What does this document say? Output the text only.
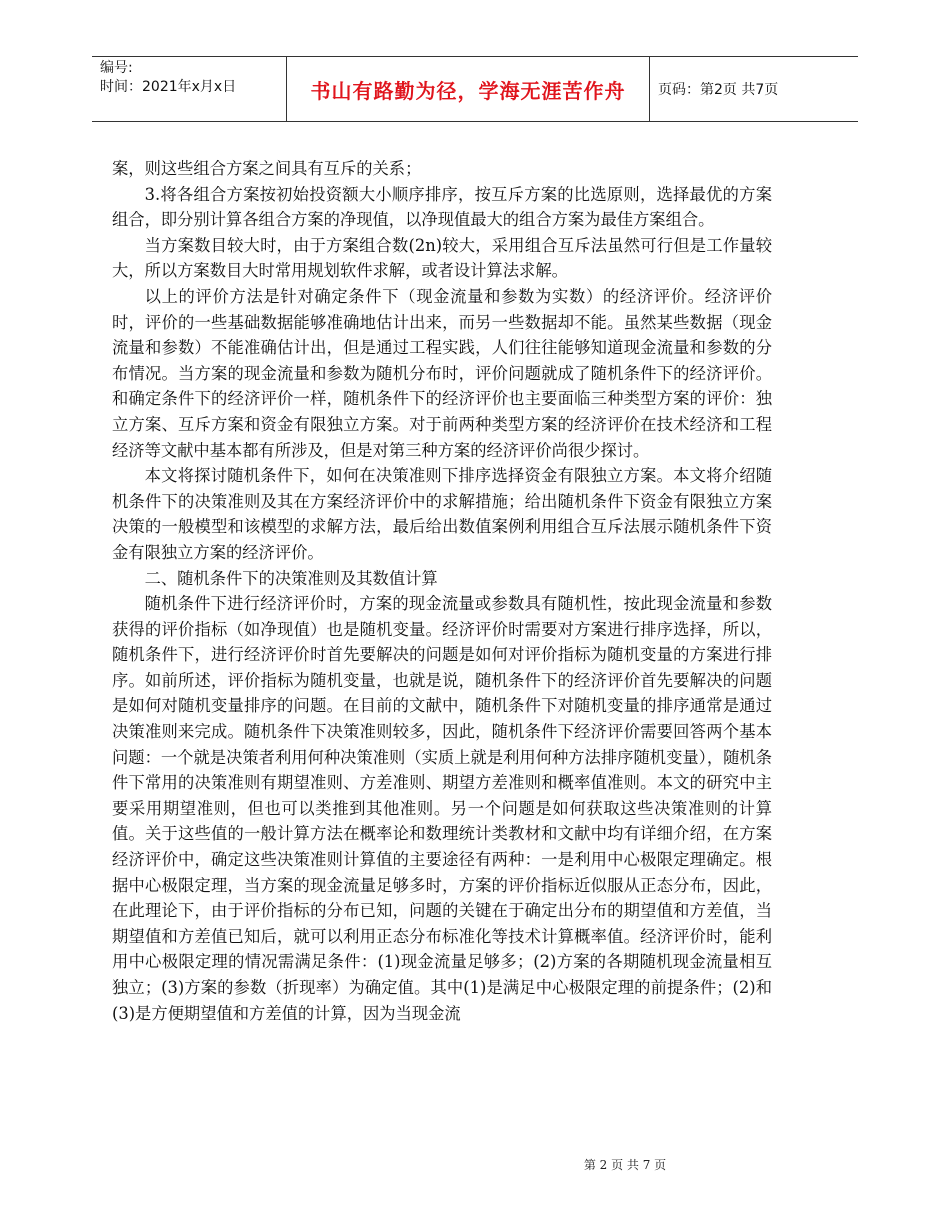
编号:
时间：2021年x月x日	书山有路勤为径，学海无涯苦作舟	页码：第2页 共7页

案，则这些组合方案之间具有互斥的关系；

3.将各组合方案按初始投资额大小顺序排序，按互斥方案的比选原则，选择最优的方案组合，即分别计算各组合方案的净现值，以净现值最大的组合方案为最佳方案组合。

当方案数目较大时，由于方案组合数(2n)较大，采用组合互斥法虽然可行但是工作量较大，所以方案数目大时常用规划软件求解，或者设计算法求解。

以上的评价方法是针对确定条件下（现金流量和参数为实数）的经济评价。经济评价时，评价的一些基础数据能够准确地估计出来，而另一些数据却不能。虽然某些数据（现金流量和参数）不能准确估计出，但是通过工程实践，人们往往能够知道现金流量和参数的分布情况。当方案的现金流量和参数为随机分布时，评价问题就成了随机条件下的经济评价。和确定条件下的经济评价一样，随机条件下的经济评价也主要面临三种类型方案的评价：独立方案、互斥方案和资金有限独立方案。对于前两种类型方案的经济评价在技术经济和工程经济等文献中基本都有所涉及，但是对第三种方案的经济评价尚很少探讨。

本文将探讨随机条件下，如何在决策准则下排序选择资金有限独立方案。本文将介绍随机条件下的决策准则及其在方案经济评价中的求解措施；给出随机条件下资金有限独立方案决策的一般模型和该模型的求解方法，最后给出数值案例利用组合互斥法展示随机条件下资金有限独立方案的经济评价。

二、随机条件下的决策准则及其数值计算

随机条件下进行经济评价时，方案的现金流量或参数具有随机性，按此现金流量和参数获得的评价指标（如净现值）也是随机变量。经济评价时需要对方案进行排序选择，所以，随机条件下，进行经济评价时首先要解决的问题是如何对评价指标为随机变量的方案进行排序。如前所述，评价指标为随机变量，也就是说，随机条件下的经济评价首先要解决的问题是如何对随机变量排序的问题。在目前的文献中，随机条件下对随机变量的排序通常是通过决策准则来完成。随机条件下决策准则较多，因此，随机条件下经济评价需要回答两个基本问题：一个就是决策者利用何种决策准则（实质上就是利用何种方法排序随机变量），随机条件下常用的决策准则有期望准则、方差准则、期望方差准则和概率值准则。本文的研究中主要采用期望准则，但也可以类推到其他准则。另一个问题是如何获取这些决策准则的计算值。关于这些值的一般计算方法在概率论和数理统计类教材和文献中均有详细介绍，在方案经济评价中，确定这些决策准则计算值的主要途径有两种：一是利用中心极限定理确定。根据中心极限定理，当方案的现金流量足够多时，方案的评价指标近似服从正态分布，因此，在此理论下，由于评价指标的分布已知，问题的关键在于确定出分布的期望值和方差值，当期望值和方差值已知后，就可以利用正态分布标准化等技术计算概率值。经济评价时，能利用中心极限定理的情况需满足条件：(1)现金流量足够多；(2)方案的各期随机现金流量相互独立；(3)方案的参数（折现率）为确定值。其中(1)是满足中心极限定理的前提条件；(2)和(3)是方便期望值和方差值的计算，因为当现金流

第 2 页 共 7 页
